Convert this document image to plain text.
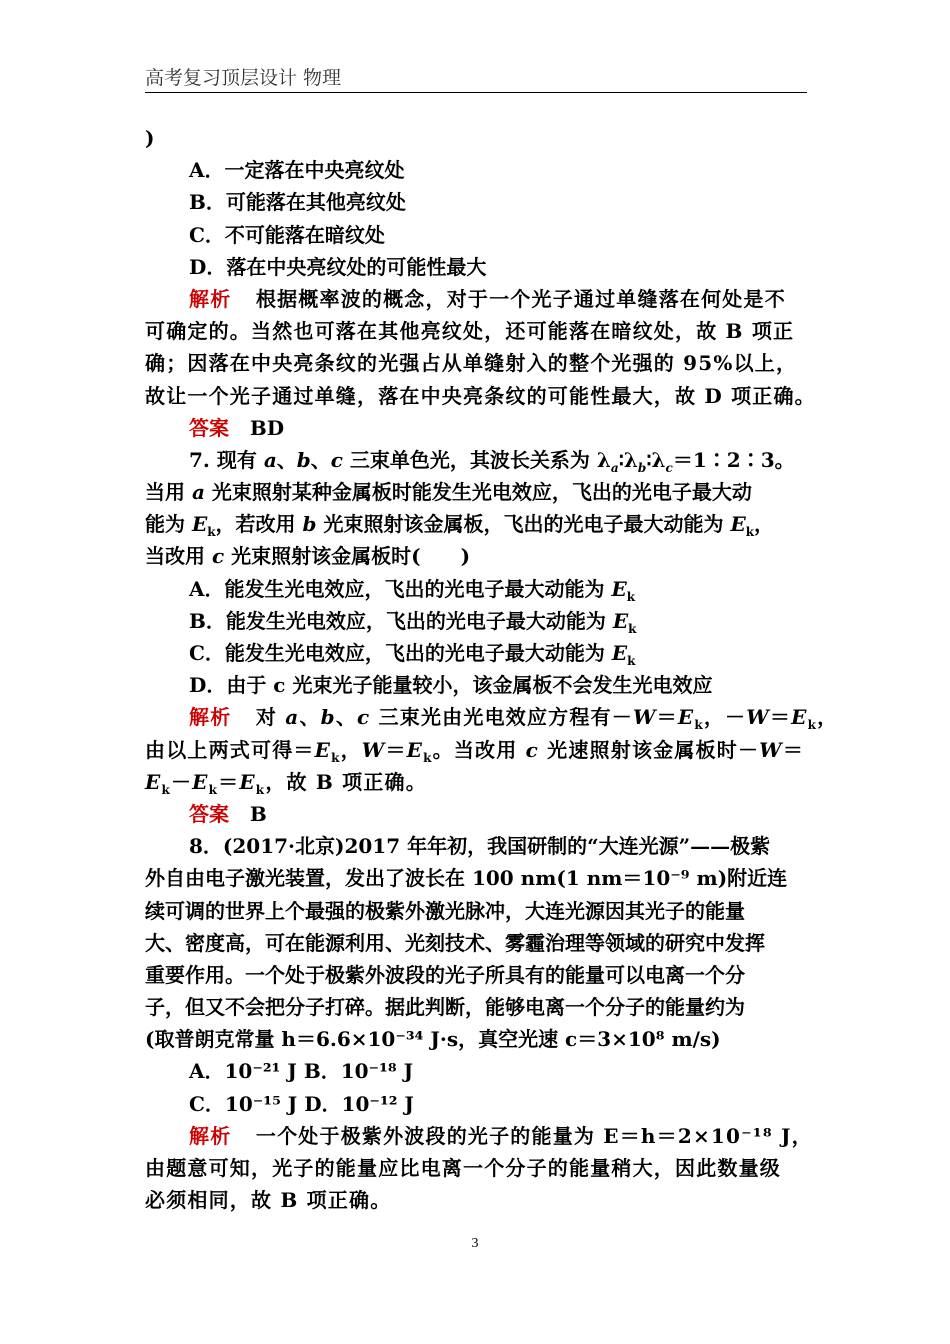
高考复习顶层设计 物理
)
A．一定落在中央亮纹处
B．可能落在其他亮纹处
C．不可能落在暗纹处
D．落在中央亮纹处的可能性最大
解析 根据概率波的概念，对于一个光子通过单缝落在何处是不
可确定的。当然也可落在其他亮纹处，还可能落在暗纹处，故 B 项正
确；因落在中央亮条纹的光强占从单缝射入的整个光强的 95%以上，
故让一个光子通过单缝，落在中央亮条纹的可能性最大，故 D 项正确。
答案 BD
7. 现有 a、b、c 三束单色光，其波长关系为 $\lambda_a∶\lambda_b∶\lambda_c=1∶2∶3$。
当用 a 光束照射某种金属板时能发生光电效应，飞出的光电子最大动
能为 $E_k$，若改用 b 光束照射该金属板，飞出的光电子最大动能为 $E_k$，
当改用 c 光束照射该金属板时(　　)
A．能发生光电效应，飞出的光电子最大动能为 $E_k$
B．能发生光电效应，飞出的光电子最大动能为 $E_k$
C．能发生光电效应，飞出的光电子最大动能为 $E_k$
D．由于 c 光束光子能量较小，该金属板不会发生光电效应
解析   对 a、b、c 三束光由光电效应方程有$-W=E_k$，$-W=E_k$，
由以上两式可得$=E_k$，$W=E_k$。当改用 c 光速照射该金属板时－W＝
$E_k-E_k=E_k$，故 B 项正确。
答案 B
8．(2017·北京)2017 年年初，我国研制的“大连光源”——极紫
外自由电子激光装置，发出了波长在 100 nm(1 nm＝10⁻⁹ m)附近连
续可调的世界上个最强的极紫外激光脉冲，大连光源因其光子的能量
大、密度高，可在能源利用、光刻技术、雾霾治理等领域的研究中发挥
重要作用。一个处于极紫外波段的光子所具有的能量可以电离一个分
子，但又不会把分子打碎。据此判断，能够电离一个分子的能量约为
(取普朗克常量 h＝6.6×10⁻³⁴ J·s，真空光速 c＝3×10⁸ m/s)
A．10⁻²¹ J B．10⁻¹⁸ J
C．10⁻¹⁵ J D．10⁻¹² J
解析 一个处于极紫外波段的光子的能量为 E＝h＝2×10⁻¹⁸ J，
由题意可知，光子的能量应比电离一个分子的能量稍大，因此数量级
必须相同，故 B 项正确。
3
